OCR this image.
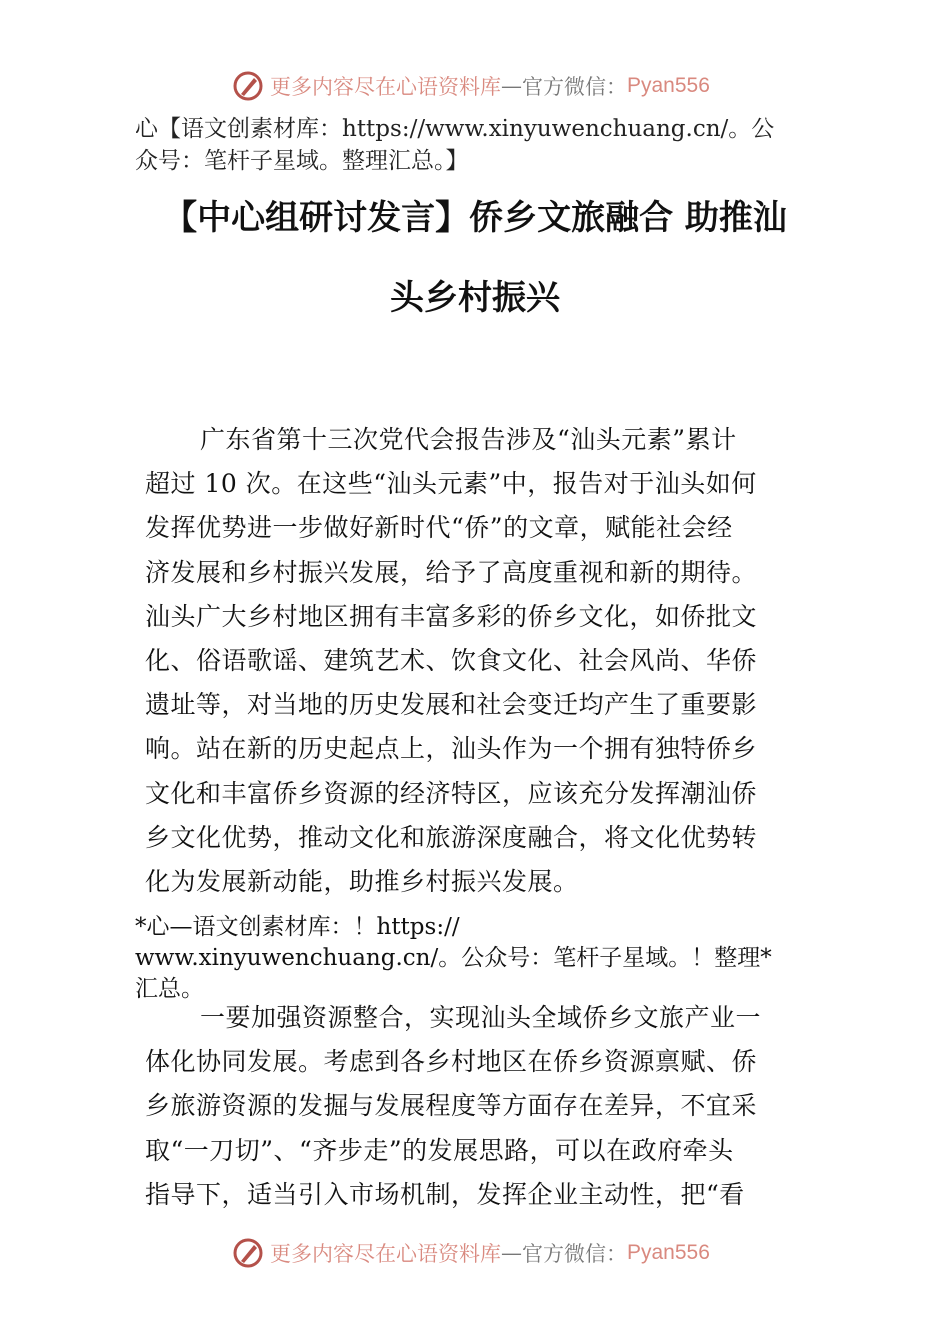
更多内容尽在心语资料库 — 官方微信： Pyan556
心【语文创素材库：https://www.xinyuwenchuang.cn/。公
众号：笔杆子星域。整理汇总。】
【中心组研讨发言】侨乡文旅融合 助推汕
头乡村振兴
广东省第十三次党代会报告涉及“汕头元素”累计
超过 10 次。在这些“汕头元素”中，报告对于汕头如何
发挥优势进一步做好新时代“侨”的文章，赋能社会经
济发展和乡村振兴发展，给予了高度重视和新的期待。
汕头广大乡村地区拥有丰富多彩的侨乡文化，如侨批文
化、俗语歌谣、建筑艺术、饮食文化、社会风尚、华侨
遗址等，对当地的历史发展和社会变迁均产生了重要影
响。站在新的历史起点上，汕头作为一个拥有独特侨乡
文化和丰富侨乡资源的经济特区，应该充分发挥潮汕侨
乡文化优势，推动文化和旅游深度融合，将文化优势转
化为发展新动能，助推乡村振兴发展。
*心—语文创素材库：！https://
www.xinyuwenchuang.cn/。公众号：笔杆子星域。！整理*
汇总。
一要加强资源整合，实现汕头全域侨乡文旅产业一
体化协同发展。考虑到各乡村地区在侨乡资源禀赋、侨
乡旅游资源的发掘与发展程度等方面存在差异，不宜采
取“一刀切”、“齐步走”的发展思路，可以在政府牵头
指导下，适当引入市场机制，发挥企业主动性，把“看
更多内容尽在心语资料库 — 官方微信： Pyan556
